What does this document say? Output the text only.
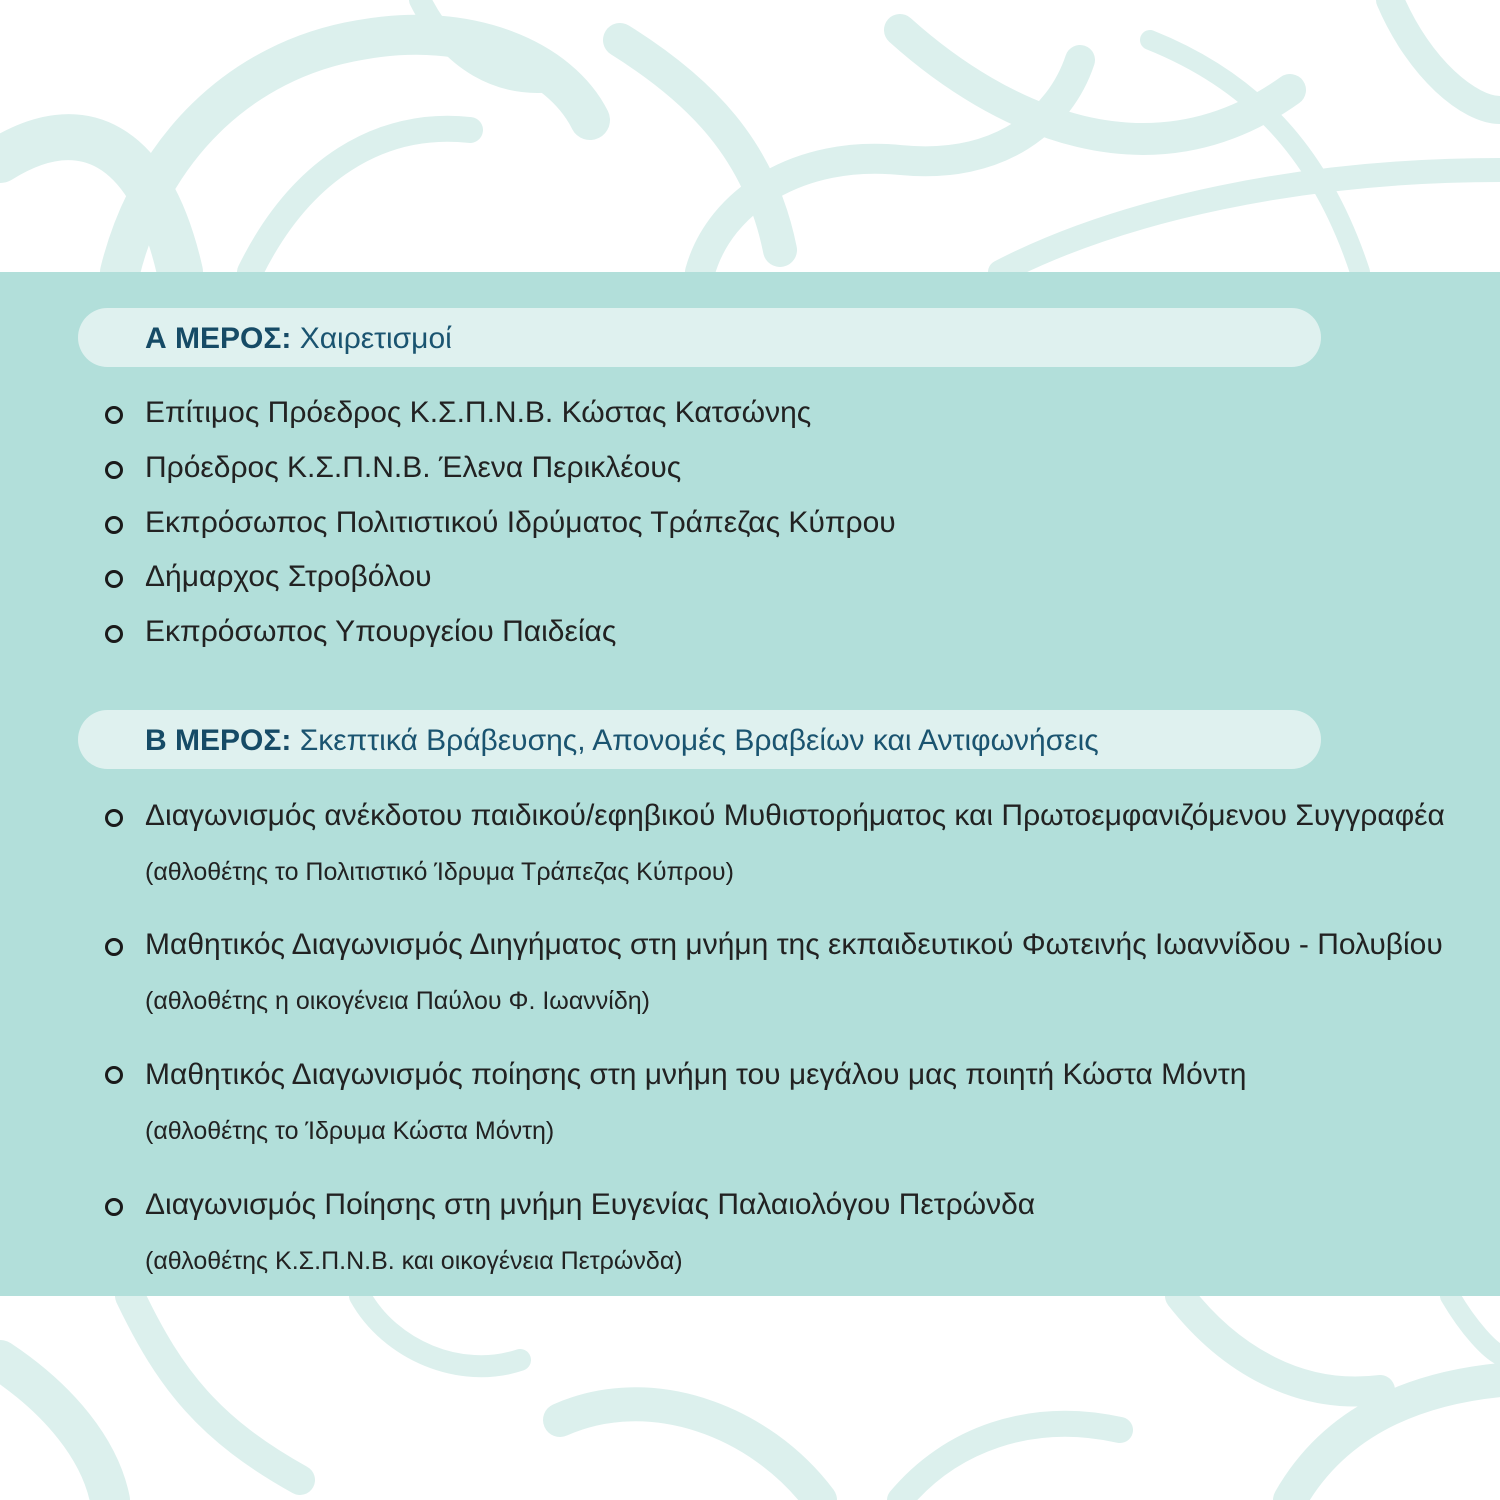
Α ΜΕΡΟΣ: Χαιρετισμοί
Επίτιμος Πρόεδρος Κ.Σ.Π.Ν.Β. Κώστας Κατσώνης
Πρόεδρος Κ.Σ.Π.Ν.Β. Έλενα Περικλέους
Εκπρόσωπος Πολιτιστικού Ιδρύματος Τράπεζας Κύπρου
Δήμαρχος Στροβόλου
Εκπρόσωπος Υπουργείου Παιδείας
Β ΜΕΡΟΣ: Σκεπτικά Βράβευσης, Απονομές Βραβείων και Αντιφωνήσεις
Διαγωνισμός ανέκδοτου παιδικού/εφηβικού Μυθιστορήματος και Πρωτοεμφανιζόμενου Συγγραφέα
(αθλοθέτης το Πολιτιστικό Ίδρυμα Τράπεζας Κύπρου)
Μαθητικός Διαγωνισμός Διηγήματος στη μνήμη της εκπαιδευτικού Φωτεινής Ιωαννίδου - Πολυβίου
(αθλοθέτης η οικογένεια Παύλου Φ. Ιωαννίδη)
Μαθητικός Διαγωνισμός ποίησης στη μνήμη του μεγάλου μας ποιητή Κώστα Μόντη
(αθλοθέτης το Ίδρυμα Κώστα Μόντη)
Διαγωνισμός Ποίησης στη μνήμη Ευγενίας Παλαιολόγου Πετρώνδα
(αθλοθέτης Κ.Σ.Π.Ν.Β. και οικογένεια Πετρώνδα)
